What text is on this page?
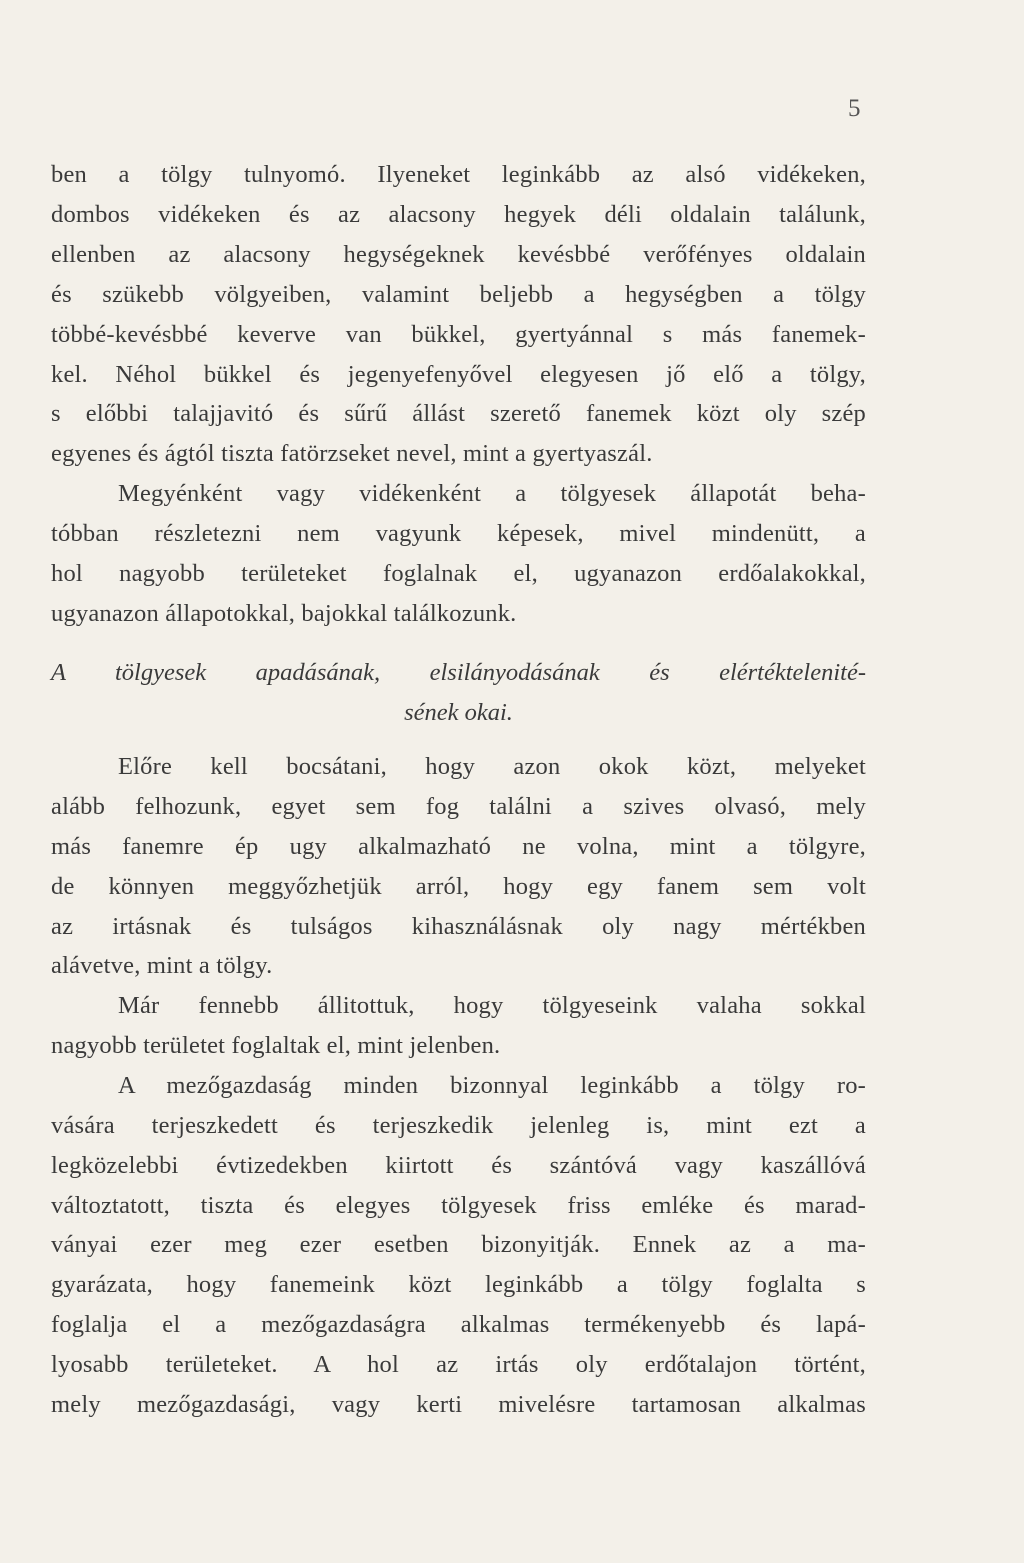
5
ben a tölgy tulnyomó. Ilyeneket leginkább az alsó vidékeken,
dombos vidékeken és az alacsony hegyek déli oldalain találunk,
ellenben az alacsony hegységeknek kevésbbé verőfényes oldalain
és szükebb völgyeiben, valamint beljebb a hegységben a tölgy
többé-kevésbbé keverve van bükkel, gyertyánnal s más fanemek-
kel. Néhol bükkel és jegenyefenyővel elegyesen jő elő a tölgy,
s előbbi talajjavitó és sűrű állást szerető fanemek közt oly szép
egyenes és ágtól tiszta fatörzseket nevel, mint a gyertyaszál.
Megyénként vagy vidékenként a tölgyesek állapotát beha-
tóbban részletezni nem vagyunk képesek, mivel mindenütt, a
hol nagyobb területeket foglalnak el, ugyanazon erdőalakokkal,
ugyanazon állapotokkal, bajokkal találkozunk.
A tölgyesek apadásának, elsilányodásának és elértéktelenité-
sének okai.
Előre kell bocsátani, hogy azon okok közt, melyeket
alább felhozunk, egyet sem fog találni a szives olvasó, mely
más fanemre ép ugy alkalmazható ne volna, mint a tölgyre,
de könnyen meggyőzhetjük arról, hogy egy fanem sem volt
az irtásnak és tulságos kihasználásnak oly nagy mértékben
alávetve, mint a tölgy.
Már fennebb állitottuk, hogy tölgyeseink valaha sokkal
nagyobb területet foglaltak el, mint jelenben.
A mezőgazdaság minden bizonnyal leginkább a tölgy ro-
vására terjeszkedett és terjeszkedik jelenleg is, mint ezt a
legközelebbi évtizedekben kiirtott és szántóvá vagy kaszállóvá
változtatott, tiszta és elegyes tölgyesek friss emléke és marad-
ványai ezer meg ezer esetben bizonyitják. Ennek az a ma-
gyarázata, hogy fanemeink közt leginkább a tölgy foglalta s
foglalja el a mezőgazdaságra alkalmas termékenyebb és lapá-
lyosabb területeket. A hol az irtás oly erdőtalajon történt,
mely mezőgazdasági, vagy kerti mivelésre tartamosan alkalmas
